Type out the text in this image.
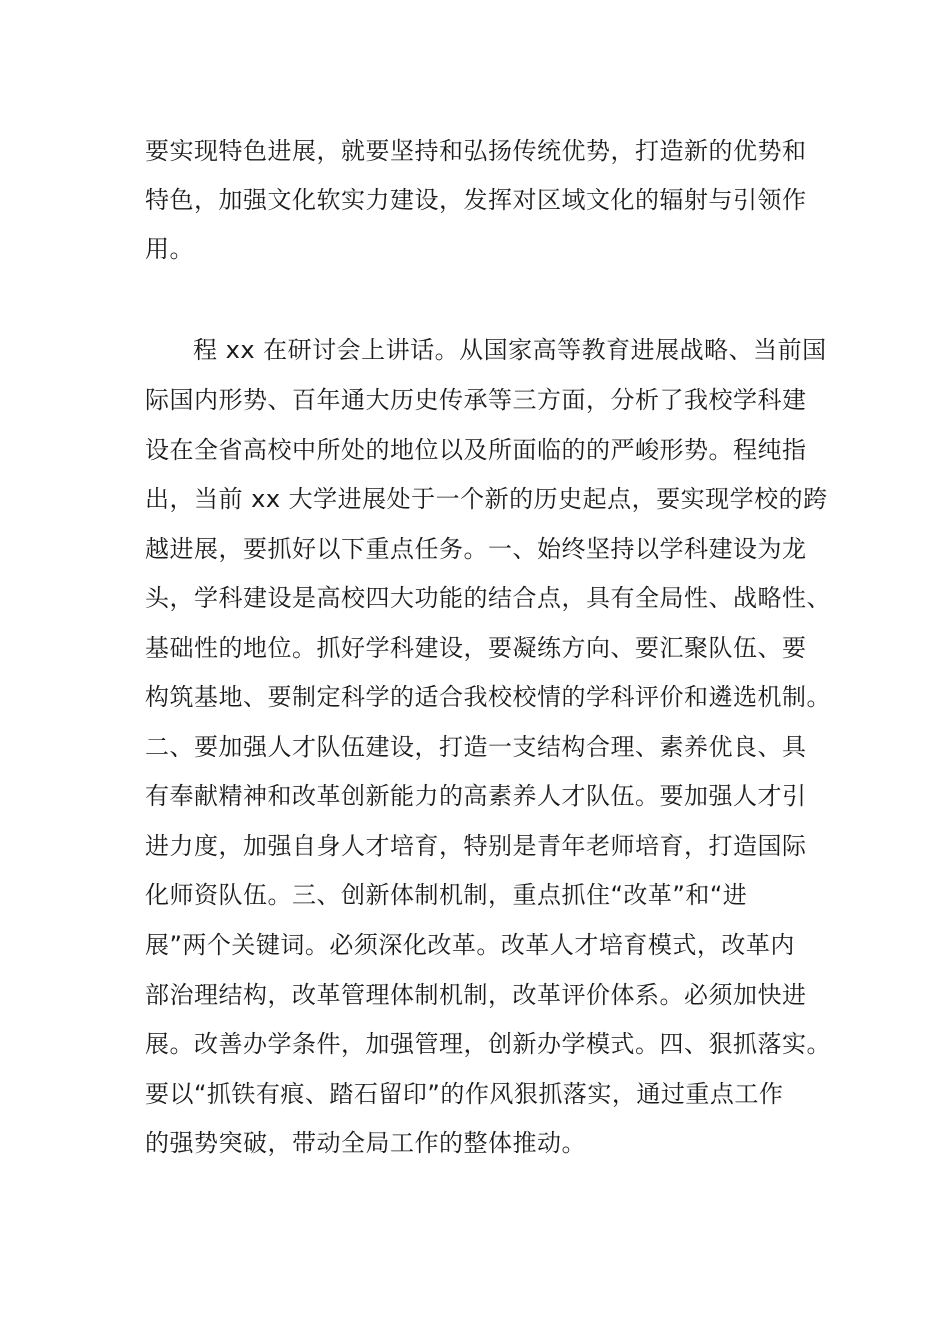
要实现特色进展，就要坚持和弘扬传统优势，打造新的优势和

特色，加强文化软实力建设，发挥对区域文化的辐射与引领作

用。

程 xx 在研讨会上讲话。从国家高等教育进展战略、当前国

际国内形势、百年通大历史传承等三方面，分析了我校学科建

设在全省高校中所处的地位以及所面临的的严峻形势。程纯指

出，当前 xx 大学进展处于一个新的历史起点，要实现学校的跨

越进展，要抓好以下重点任务。一、始终坚持以学科建设为龙

头，学科建设是高校四大功能的结合点，具有全局性、战略性、

基础性的地位。抓好学科建设，要凝练方向、要汇聚队伍、要

构筑基地、要制定科学的适合我校校情的学科评价和遴选机制。

二、要加强人才队伍建设，打造一支结构合理、素养优良、具

有奉献精神和改革创新能力的高素养人才队伍。要加强人才引

进力度，加强自身人才培育，特别是青年老师培育，打造国际

化师资队伍。三、创新体制机制，重点抓住“改革”和“进

展”两个关键词。必须深化改革。改革人才培育模式，改革内

部治理结构，改革管理体制机制，改革评价体系。必须加快进

展。改善办学条件，加强管理，创新办学模式。四、狠抓落实。

要以“抓铁有痕、踏石留印”的作风狠抓落实，通过重点工作

的强势突破，带动全局工作的整体推动。
